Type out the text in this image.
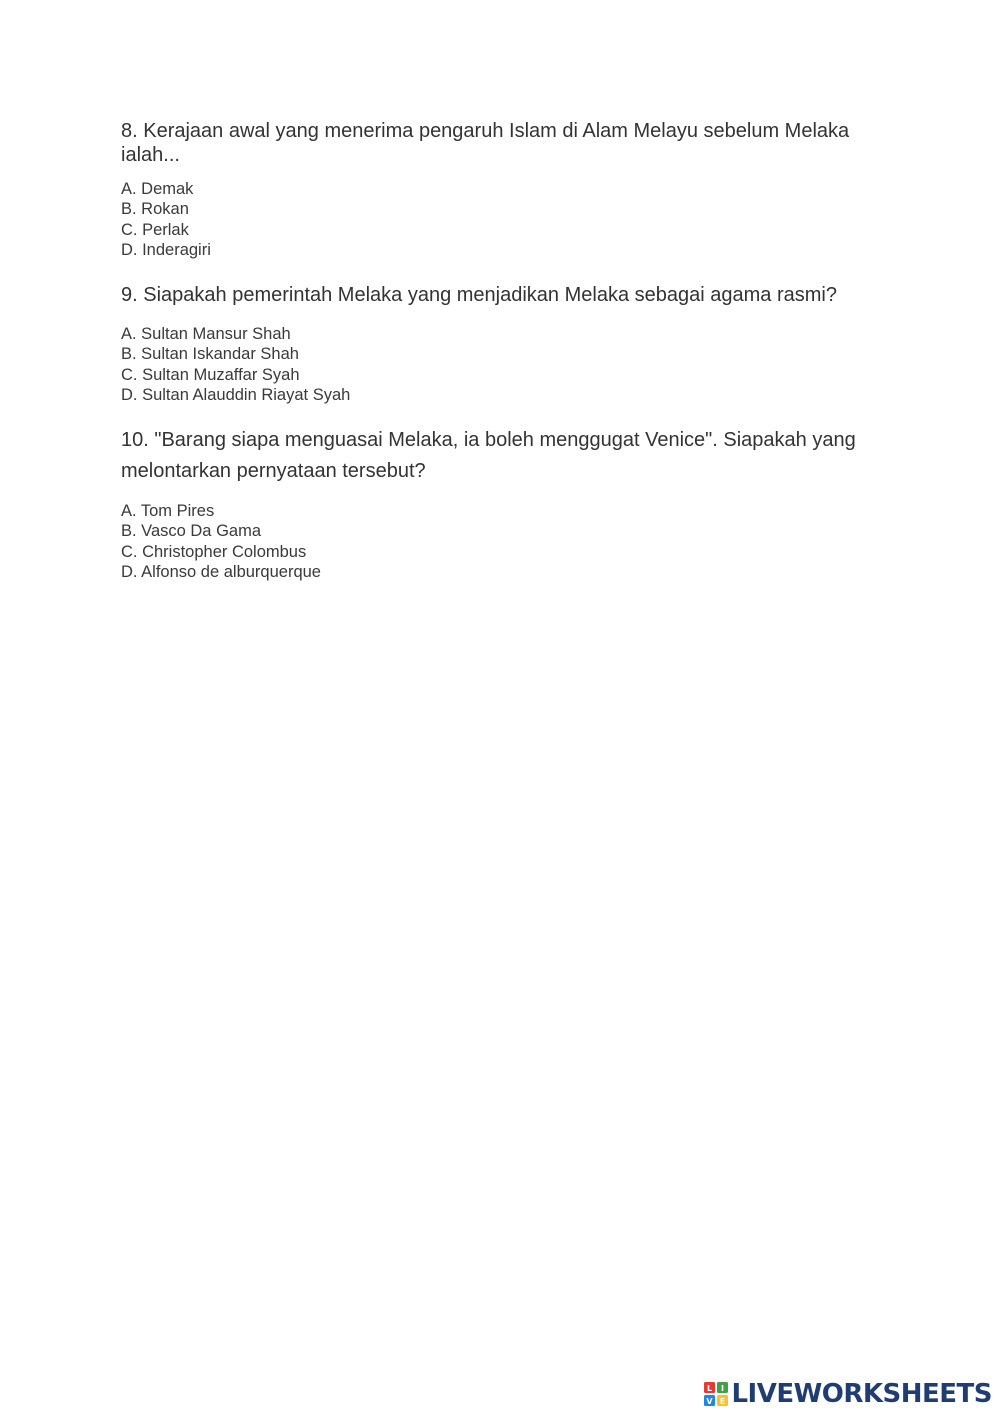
8. Kerajaan awal yang menerima pengaruh Islam di Alam Melayu sebelum Melaka ialah...

A. Demak
B. Rokan
C. Perlak
D. Inderagiri

9. Siapakah pemerintah Melaka yang menjadikan Melaka sebagai agama rasmi?

A. Sultan Mansur Shah
B. Sultan Iskandar Shah
C. Sultan Muzaffar Syah
D. Sultan Alauddin Riayat Syah

10. "Barang siapa menguasai Melaka, ia boleh menggugat Venice". Siapakah yang melontarkan pernyataan tersebut?

A. Tom Pires
B. Vasco Da Gama
C. Christopher Colombus
D. Alfonso de alburquerque
L I
V E LIVEWORKSHEETS
